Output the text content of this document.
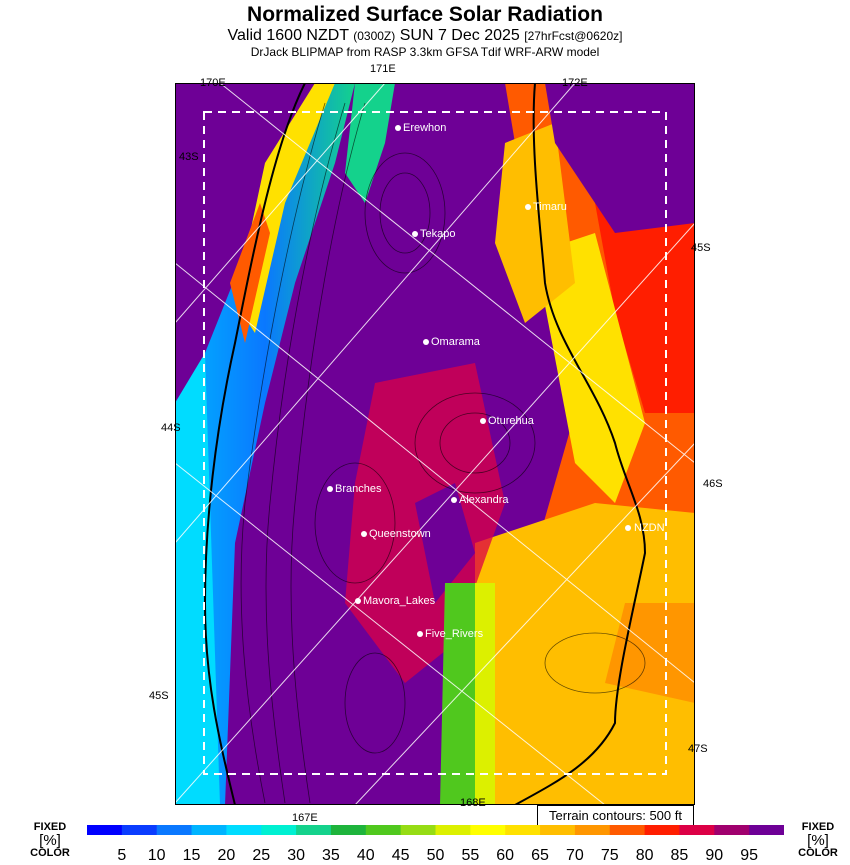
Normalized Surface Solar Radiation
Valid 1600 NZDT (0300Z) SUN 7 Dec 2025 [27hrFcst@0620z]
DrJack BLIPMAP from RASP 3.3km GFSA Tdif WRF-ARW model
Erewhon
Timaru
Tekapo
Omarama
Oturehua
Branches
Alexandra
NZDN
Queenstown
Mavora_Lakes
Five_Rivers
171E
170E	172E
167E
168E
43S
44S
45S
45S
46S
47S
Terrain contours: 500 ft
FIXED
[%]
COLOR
FIXED
[%]
COLOR
5	10	15	20	25	30	35	40	45	50	55	60	65	70	75	80	85	90	95
